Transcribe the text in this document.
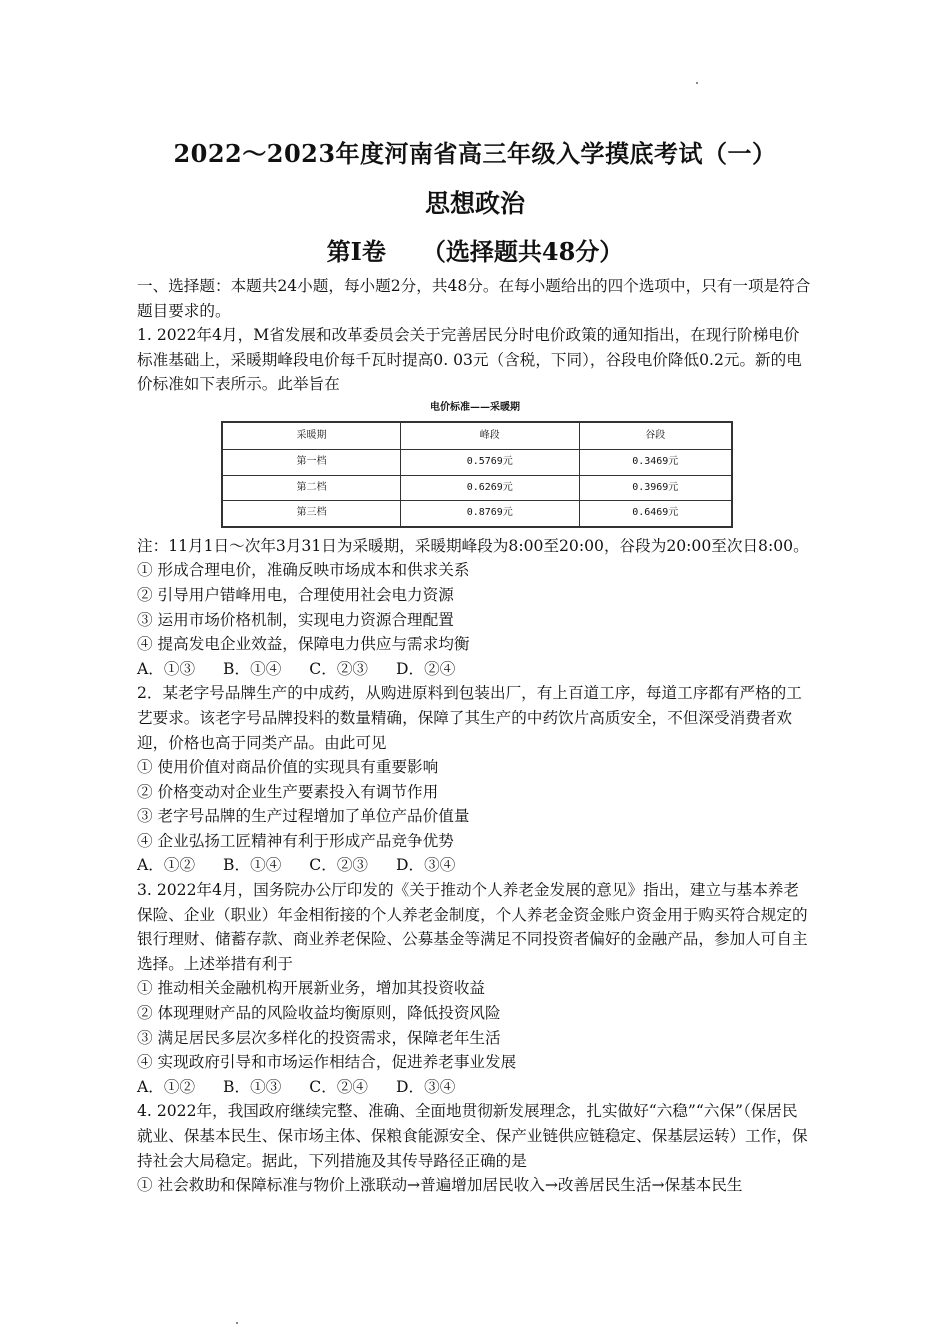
2022～2023年度河南省高三年级入学摸底考试（一）
思想政治
第Ⅰ卷 （选择题共48分）

一、选择题：本题共24小题，每小题2分，共48分。在每小题给出的四个选项中，只有一项是符合题目要求的。

1. 2022年4月，M省发展和改革委员会关于完善居民分时电价政策的通知指出，在现行阶梯电价标准基础上，采暖期峰段电价每千瓦时提高0. 03元（含税，下同），谷段电价降低0.2元。新的电价标准如下表所示。此举旨在

电价标准——采暖期
采暖期	峰段	谷段
第一档	0.5769元	0.3469元
第二档	0.6269元	0.3969元
第三档	0.8769元	0.6469元

注：11月1日～次年3月31日为采暖期，采暖期峰段为8:00至20:00，谷段为20:00至次日8:00。

① 形成合理电价，准确反映市场成本和供求关系

② 引导用户错峰用电，合理使用社会电力资源

③ 运用市场价格机制，实现电力资源合理配置

④ 提高发电企业效益，保障电力供应与需求均衡

A．①③ B．①④ C．②③ D．②④

2．某老字号品牌生产的中成药，从购进原料到包装出厂，有上百道工序，每道工序都有严格的工艺要求。该老字号品牌投料的数量精确，保障了其生产的中药饮片高质安全，不但深受消费者欢迎，价格也高于同类产品。由此可见

① 使用价值对商品价值的实现具有重要影响

② 价格变动对企业生产要素投入有调节作用

③ 老字号品牌的生产过程增加了单位产品价值量

④ 企业弘扬工匠精神有利于形成产品竞争优势

A．①② B．①④ C．②③ D．③④

3. 2022年4月，国务院办公厅印发的《关于推动个人养老金发展的意见》指出，建立与基本养老保险、企业（职业）年金相衔接的个人养老金制度，个人养老金资金账户资金用于购买符合规定的银行理财、储蓄存款、商业养老保险、公募基金等满足不同投资者偏好的金融产品，参加人可自主选择。上述举措有利于

① 推动相关金融机构开展新业务，增加其投资收益

② 体现理财产品的风险收益均衡原则，降低投资风险

③ 满足居民多层次多样化的投资需求，保障老年生活

④ 实现政府引导和市场运作相结合，促进养老事业发展

A．①② B．①③ C．②④ D．③④

4. 2022年，我国政府继续完整、准确、全面地贯彻新发展理念，扎实做好“六稳”“六保”（保居民就业、保基本民生、保市场主体、保粮食能源安全、保产业链供应链稳定、保基层运转）工作，保持社会大局稳定。据此，下列措施及其传导路径正确的是

① 社会救助和保障标准与物价上涨联动→普遍增加居民收入→改善居民生活→保基本民生
